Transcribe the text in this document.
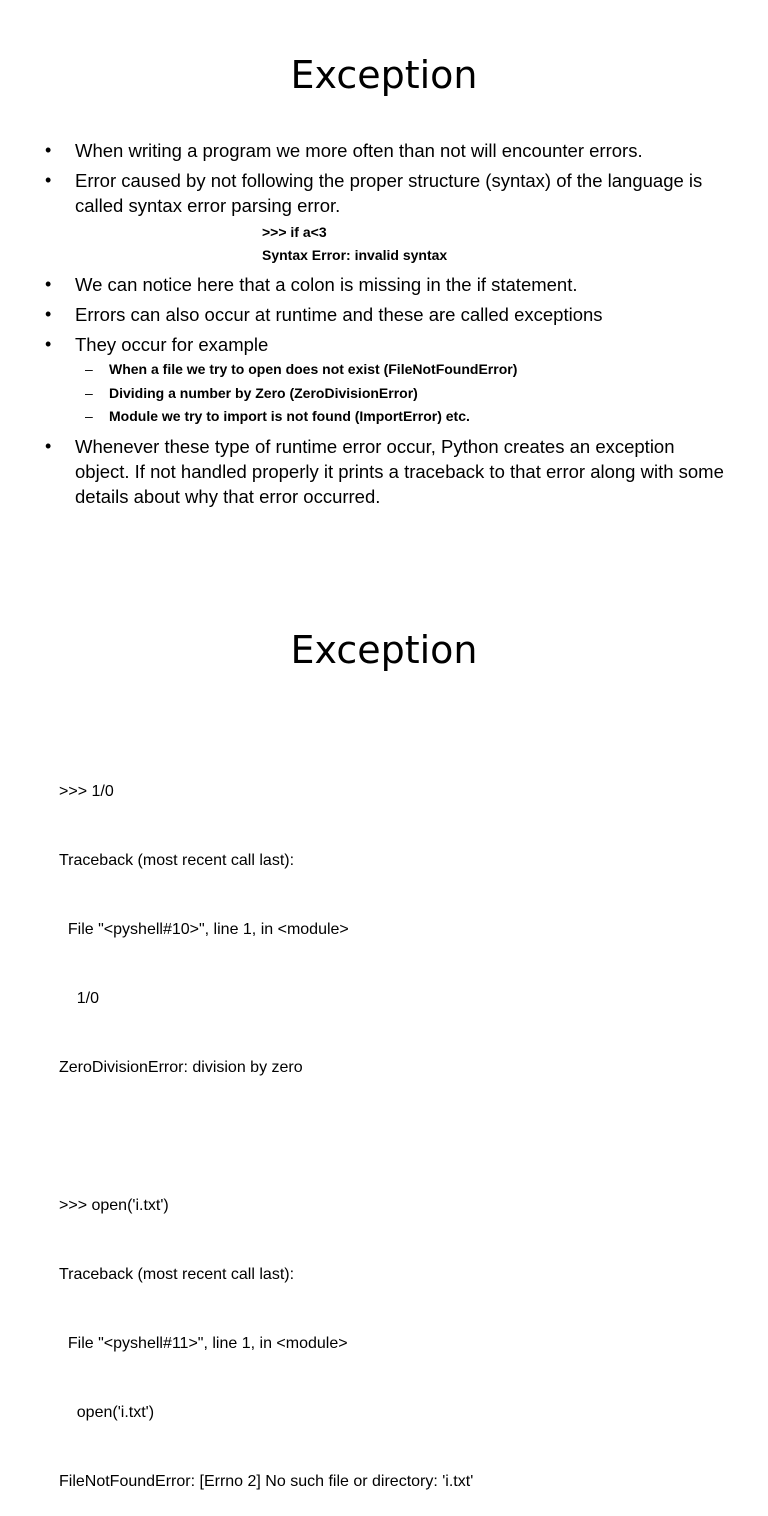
Exception
• When writing a program we more often than not will encounter errors.
• Error caused by not following the proper structure (syntax) of the language is called syntax error parsing error.
>>> if a<3
Syntax Error: invalid syntax
• We can notice here that a colon is missing in the if statement.
• Errors can also occur at runtime and these are called exceptions
• They occur for example
– When a file we try to open does not exist (FileNotFoundError)
– Dividing a number by Zero (ZeroDivisionError)
– Module we try to import is not found (ImportError) etc.
• Whenever these type of runtime error occur, Python creates an exception object. If not handled properly it prints a traceback to that error along with some details about why that error occurred.
Exception

>>> 1/0

Traceback (most recent call last):

File "<pyshell#10>", line 1, in <module>

1/0

ZeroDivisionError: division by zero

>>> open('i.txt')

Traceback (most recent call last):

File "<pyshell#11>", line 1, in <module>

open('i.txt')

FileNotFoundError: [Errno 2] No such file or directory: 'i.txt'
